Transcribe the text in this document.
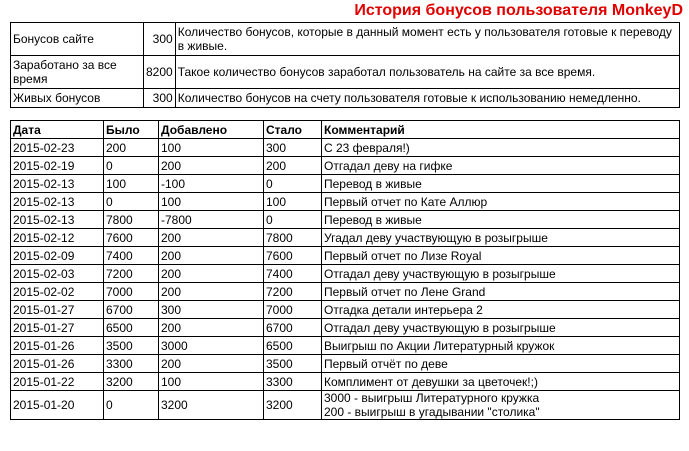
История бонусов пользователя MonkeyD
Бонусов сайте	300	Количество бонусов, которые в данный момент есть у пользователя готовые к переводу в живые.
Заработано за все время	8200	Такое количество бонусов заработал пользователь на сайте за все время.
Живых бонусов	300	Количество бонусов на счету пользователя готовые к использованию немедленно.
Дата	Было	Добавлено	Стало	Комментарий
2015-02-23	200	100	300	С 23 февраля!)
2015-02-19	0	200	200	Отгадал деву на гифке
2015-02-13	100	-100	0	Перевод в живые
2015-02-13	0	100	100	Первый отчет по Кате Аллюр
2015-02-13	7800	-7800	0	Перевод в живые
2015-02-12	7600	200	7800	Угадал деву участвующую в розыгрыше
2015-02-09	7400	200	7600	Первый отчет по Лизе Royal
2015-02-03	7200	200	7400	Отгадал деву участвующую в розыгрыше
2015-02-02	7000	200	7200	Первый отчет по Лене Grand
2015-01-27	6700	300	7000	Отгадка детали интерьера 2
2015-01-27	6500	200	6700	Отгадал деву участвующую в розыгрыше
2015-01-26	3500	3000	6500	Выигрыш по Акции Литературный кружок
2015-01-26	3300	200	3500	Первый отчёт по деве
2015-01-22	3200	100	3300	Комплимент от девушки за цветочек!;)
2015-01-20	0	3200	3200	3000 - выигрыш Литературного кружка
200 - выигрыш в угадывании "столика"
